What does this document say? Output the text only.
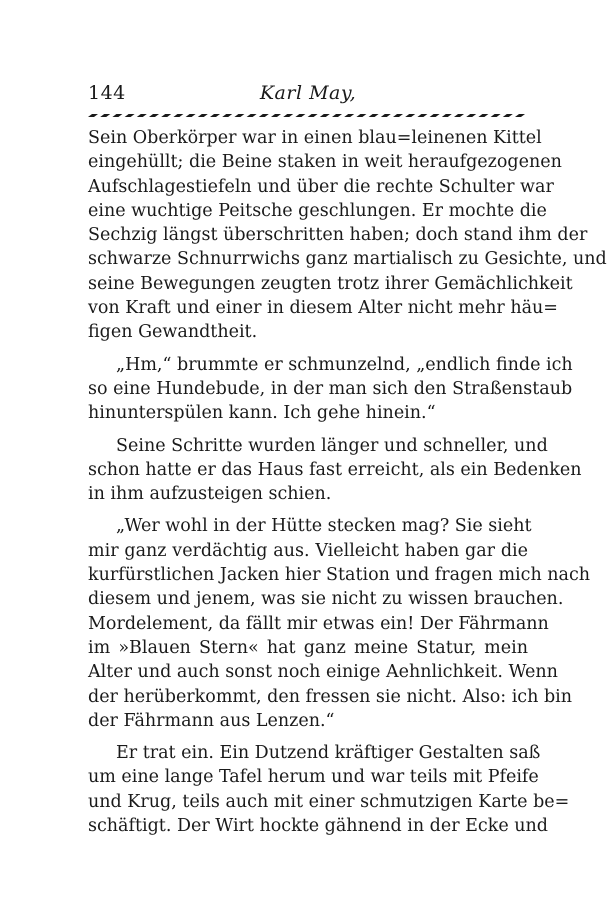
144	Karl May,
Sein Oberkörper war in einen blau=leinenen Kittel
eingehüllt; die Beine staken in weit heraufgezogenen
Aufschlagestiefeln und über die rechte Schulter war
eine wuchtige Peitsche geschlungen. Er mochte die
Sechzig längst überschritten haben; doch stand ihm der
schwarze Schnurrwichs ganz martialisch zu Gesichte, und
seine Bewegungen zeugten trotz ihrer Gemächlichkeit
von Kraft und einer in diesem Alter nicht mehr häu=
figen Gewandtheit.
„Hm,“ brummte er schmunzelnd, „endlich finde ich
so eine Hundebude, in der man sich den Straßenstaub
hinunterspülen kann. Ich gehe hinein.“
Seine Schritte wurden länger und schneller, und
schon hatte er das Haus fast erreicht, als ein Bedenken
in ihm aufzusteigen schien.
„Wer wohl in der Hütte stecken mag? Sie sieht
mir ganz verdächtig aus. Vielleicht haben gar die
kurfürstlichen Jacken hier Station und fragen mich nach
diesem und jenem, was sie nicht zu wissen brauchen.
Mordelement, da fällt mir etwas ein! Der Fährmann
im »Blauen Stern« hat ganz meine Statur, mein
Alter und auch sonst noch einige Aehnlichkeit. Wenn
der herüberkommt, den fressen sie nicht. Also: ich bin
der Fährmann aus Lenzen.“
Er trat ein. Ein Dutzend kräftiger Gestalten saß
um eine lange Tafel herum und war teils mit Pfeife
und Krug, teils auch mit einer schmutzigen Karte be=
schäftigt. Der Wirt hockte gähnend in der Ecke und
